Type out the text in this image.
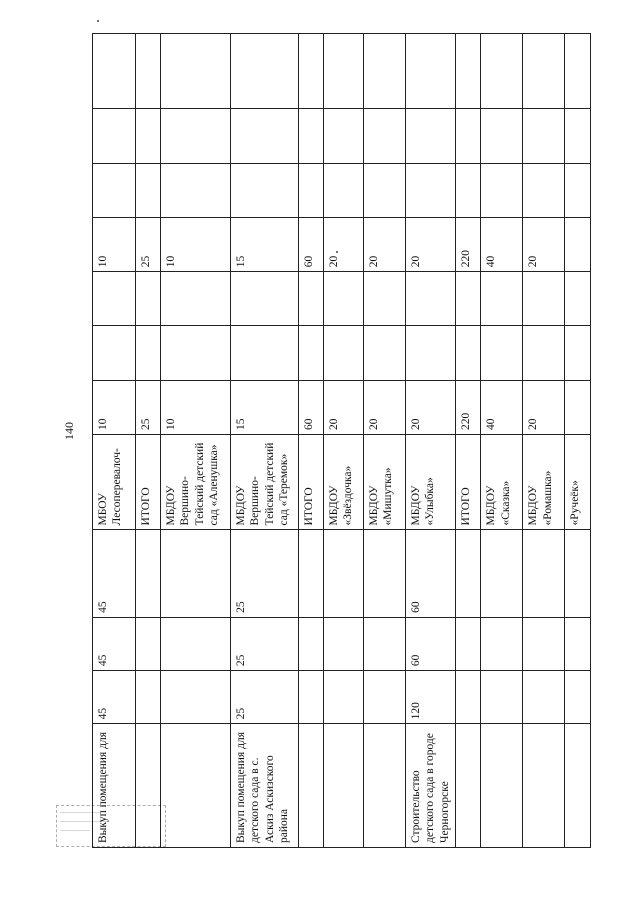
140
────────
──────────
────── Выкуп помещения для	45	45	45	МБОУ Лесоперевалоч-	10			10			
				ИТОГО	25			25			
				МБДОУ Вершино-Тейский детский сад «Аленушка»	10			10			
Выкуп помещения для детского сада в с. Аскиз Аскизского района	25	25	25	МБДОУ Вершино-Тейский детский сад «Теремок»	15			15			
				ИТОГО	60			60			
				МБДОУ «Звёздочка»	20			20			
				МБДОУ «Мишутка»	20			20			
Строительство детского сада в городе Черногорске	120	60	60	МБДОУ «Улыбка»	20			20			
				ИТОГО	220			220			
				МБДОУ «Сказка»	40			40			
				МБДОУ «Ромашка»	20			20			
				«Ручеёк»							
